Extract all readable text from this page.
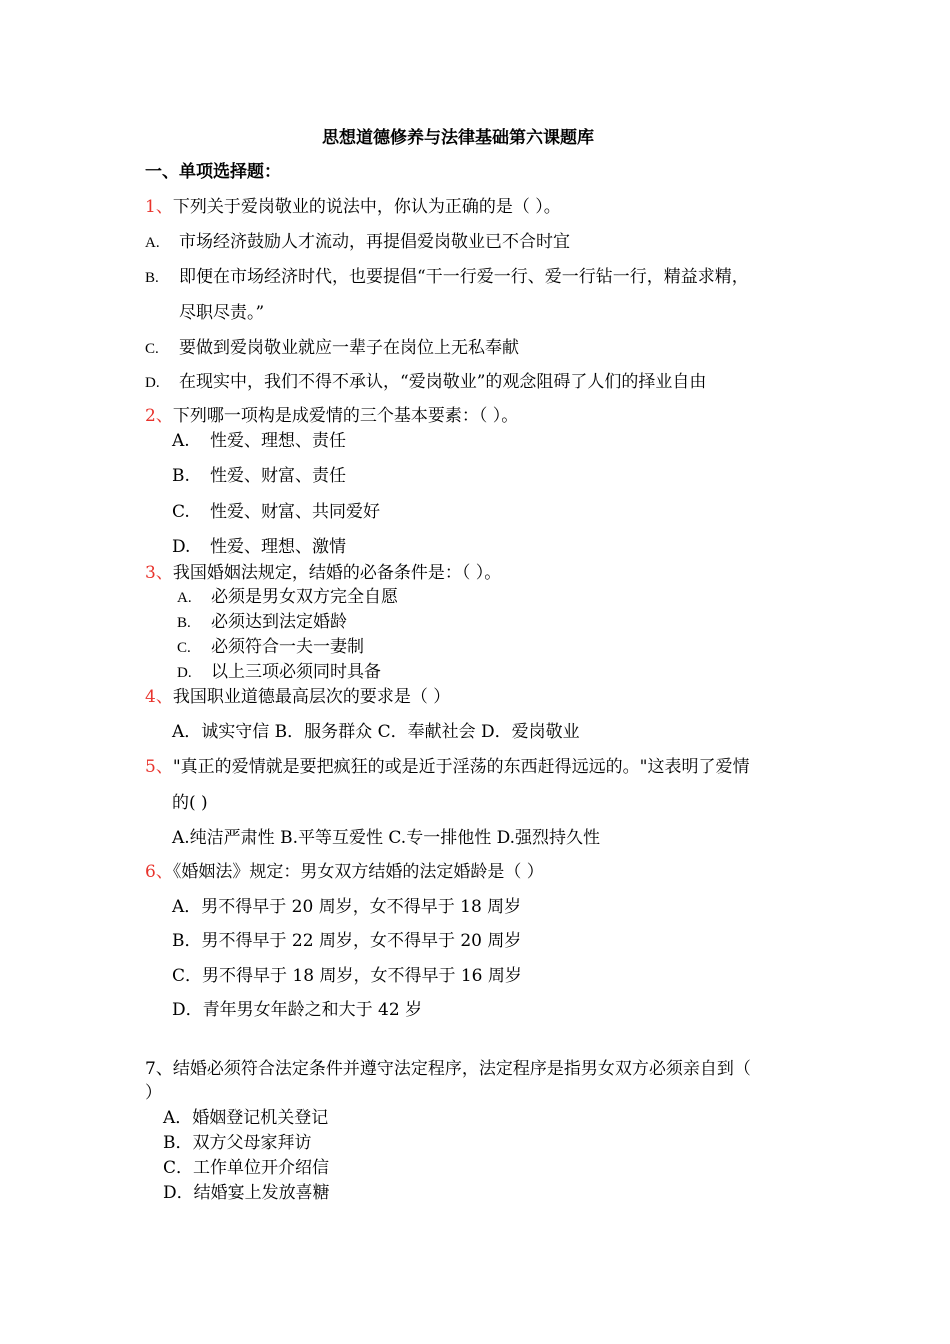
思想道德修养与法律基础第六课题库
一、单项选择题：
1、下列关于爱岗敬业的说法中，你认为正确的是（ ）。
A. 市场经济鼓励人才流动，再提倡爱岗敬业已不合时宜
B. 即便在市场经济时代，也要提倡“干一行爱一行、爱一行钻一行，精益求精，
尽职尽责。”
C. 要做到爱岗敬业就应一辈子在岗位上无私奉献
D. 在现实中，我们不得不承认，“爱岗敬业”的观念阻碍了人们的择业自由
2、下列哪一项构是成爱情的三个基本要素：（ ）。
A. 性爱、理想、责任
B. 性爱、财富、责任
C. 性爱、财富、共同爱好
D. 性爱、理想、激情
3、我国婚姻法规定，结婚的必备条件是：（ ）。
A. 必须是男女双方完全自愿
B. 必须达到法定婚龄
C. 必须符合一夫一妻制
D. 以上三项必须同时具备
4、我国职业道德最高层次的要求是（ ）
A．诚实守信 B．服务群众 C．奉献社会 D．爱岗敬业
5、"真正的爱情就是要把疯狂的或是近于淫荡的东西赶得远远的。"这表明了爱情
的( )
A.纯洁严肃性 B.平等互爱性 C.专一排他性 D.强烈持久性
6、《婚姻法》规定：男女双方结婚的法定婚龄是（ ）
A．男不得早于 20 周岁，女不得早于 18 周岁
B．男不得早于 22 周岁，女不得早于 20 周岁
C．男不得早于 18 周岁，女不得早于 16 周岁
D．青年男女年龄之和大于 42 岁
7、结婚必须符合法定条件并遵守法定程序，法定程序是指男女双方必须亲自到（
）
A．婚姻登记机关登记
B．双方父母家拜访
C．工作单位开介绍信
D．结婚宴上发放喜糖
